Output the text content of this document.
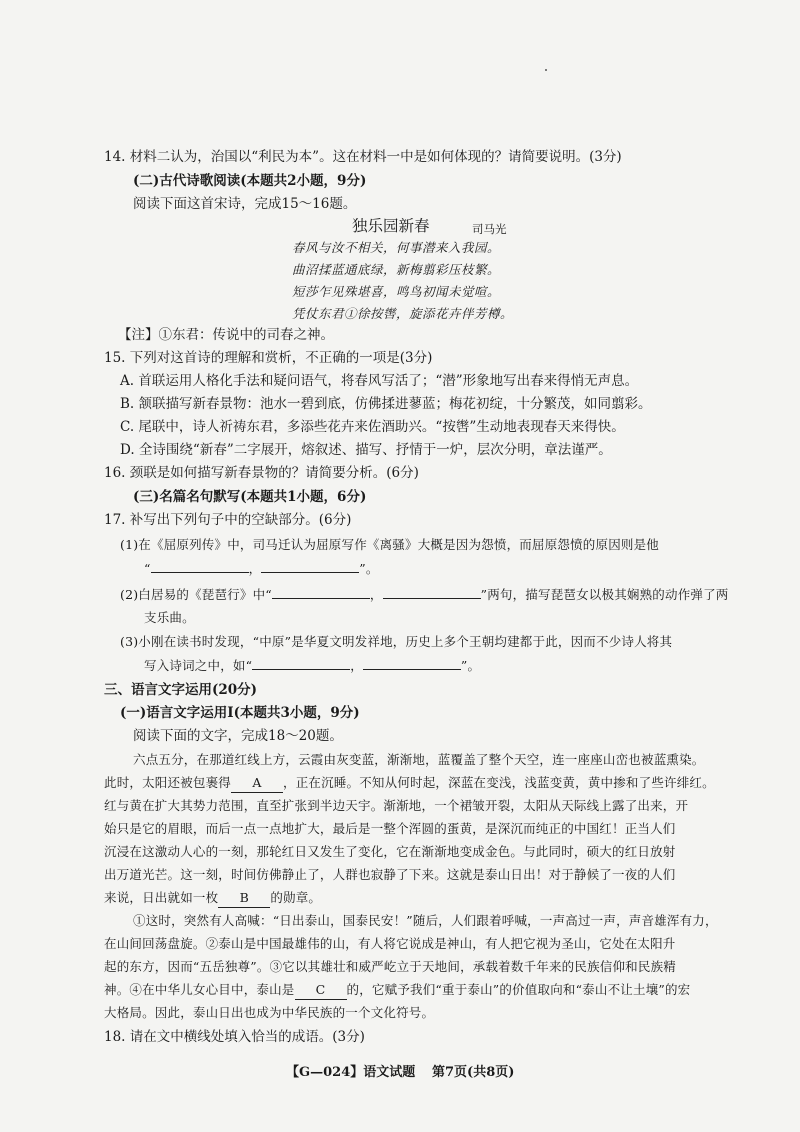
14. 材料二认为，治国以“利民为本”。这在材料一中是如何体现的？请简要说明。(3分)
(二)古代诗歌阅读(本题共2小题，9分)
阅读下面这首宋诗，完成15～16题。
独乐园新春	司马光
春风与汝不相关，何事潜来入我园。
曲沼揉蓝通底绿，新梅翦彩压枝繁。
短莎乍见殊堪喜，鸣鸟初闻未觉喧。
凭仗东君①徐按辔，旋添花卉伴芳樽。
【注】①东君：传说中的司春之神。
15. 下列对这首诗的理解和赏析，不正确的一项是(3分)
A. 首联运用人格化手法和疑问语气，将春风写活了；“潜”形象地写出春来得悄无声息。
B. 颔联描写新春景物：池水一碧到底，仿佛揉进蓼蓝；梅花初绽，十分繁茂，如同翦彩。
C. 尾联中，诗人祈祷东君，多添些花卉来佐酒助兴。“按辔”生动地表现春天来得快。
D. 全诗围绕“新春”二字展开，熔叙述、描写、抒情于一炉，层次分明，章法谨严。
16. 颈联是如何描写新春景物的？请简要分析。(6分)
(三)名篇名句默写(本题共1小题，6分)
17. 补写出下列句子中的空缺部分。(6分)
(1)在《屈原列传》中，司马迁认为屈原写作《离骚》大概是因为怨愤，而屈原怨愤的原因则是他
“	，	”。
(2)白居易的《琵琶行》中“	，	”两句，描写琵琶女以极其娴熟的动作弹了两
支乐曲。
(3)小刚在读书时发现，“中原”是华夏文明发祥地，历史上多个王朝均建都于此，因而不少诗人将其
写入诗词之中，如“	，	”。
三、语言文字运用(20分)
(一)语言文字运用Ⅰ(本题共3小题，9分)
阅读下面的文字，完成18～20题。
六点五分，在那道红线上方，云霞由灰变蓝，渐渐地，蓝覆盖了整个天空，连一座座山峦也被蓝熏染。
此时，太阳还被包裹得 A ，正在沉睡。不知从何时起，深蓝在变浅，浅蓝变黄，黄中掺和了些许绯红。
红与黄在扩大其势力范围，直至扩张到半边天宇。渐渐地，一个裙皱开裂，太阳从天际线上露了出来，开
始只是它的眉眼，而后一点一点地扩大，最后是一整个浑圆的蛋黄，是深沉而纯正的中国红！正当人们
沉浸在这激动人心的一刻，那轮红日又发生了变化，它在渐渐地变成金色。与此同时，硕大的红日放射
出万道光芒。这一刻，时间仿佛静止了，人群也寂静了下来。这就是泰山日出！对于静候了一夜的人们
来说，日出就如一枚 B 的勋章。
①这时，突然有人高喊：“日出泰山，国泰民安！”随后，人们跟着呼喊，一声高过一声，声音雄浑有力，
在山间回荡盘旋。②泰山是中国最雄伟的山，有人将它说成是神山，有人把它视为圣山，它处在太阳升
起的东方，因而“五岳独尊”。③它以其雄壮和威严屹立于天地间，承载着数千年来的民族信仰和民族精
神。④在中华儿女心目中，泰山是 C 的，它赋予我们“重于泰山”的价值取向和“泰山不让土壤”的宏
大格局。因此，泰山日出也成为中华民族的一个文化符号。
18. 请在文中横线处填入恰当的成语。(3分)
【G—024】语文试题 第7页(共8页)
